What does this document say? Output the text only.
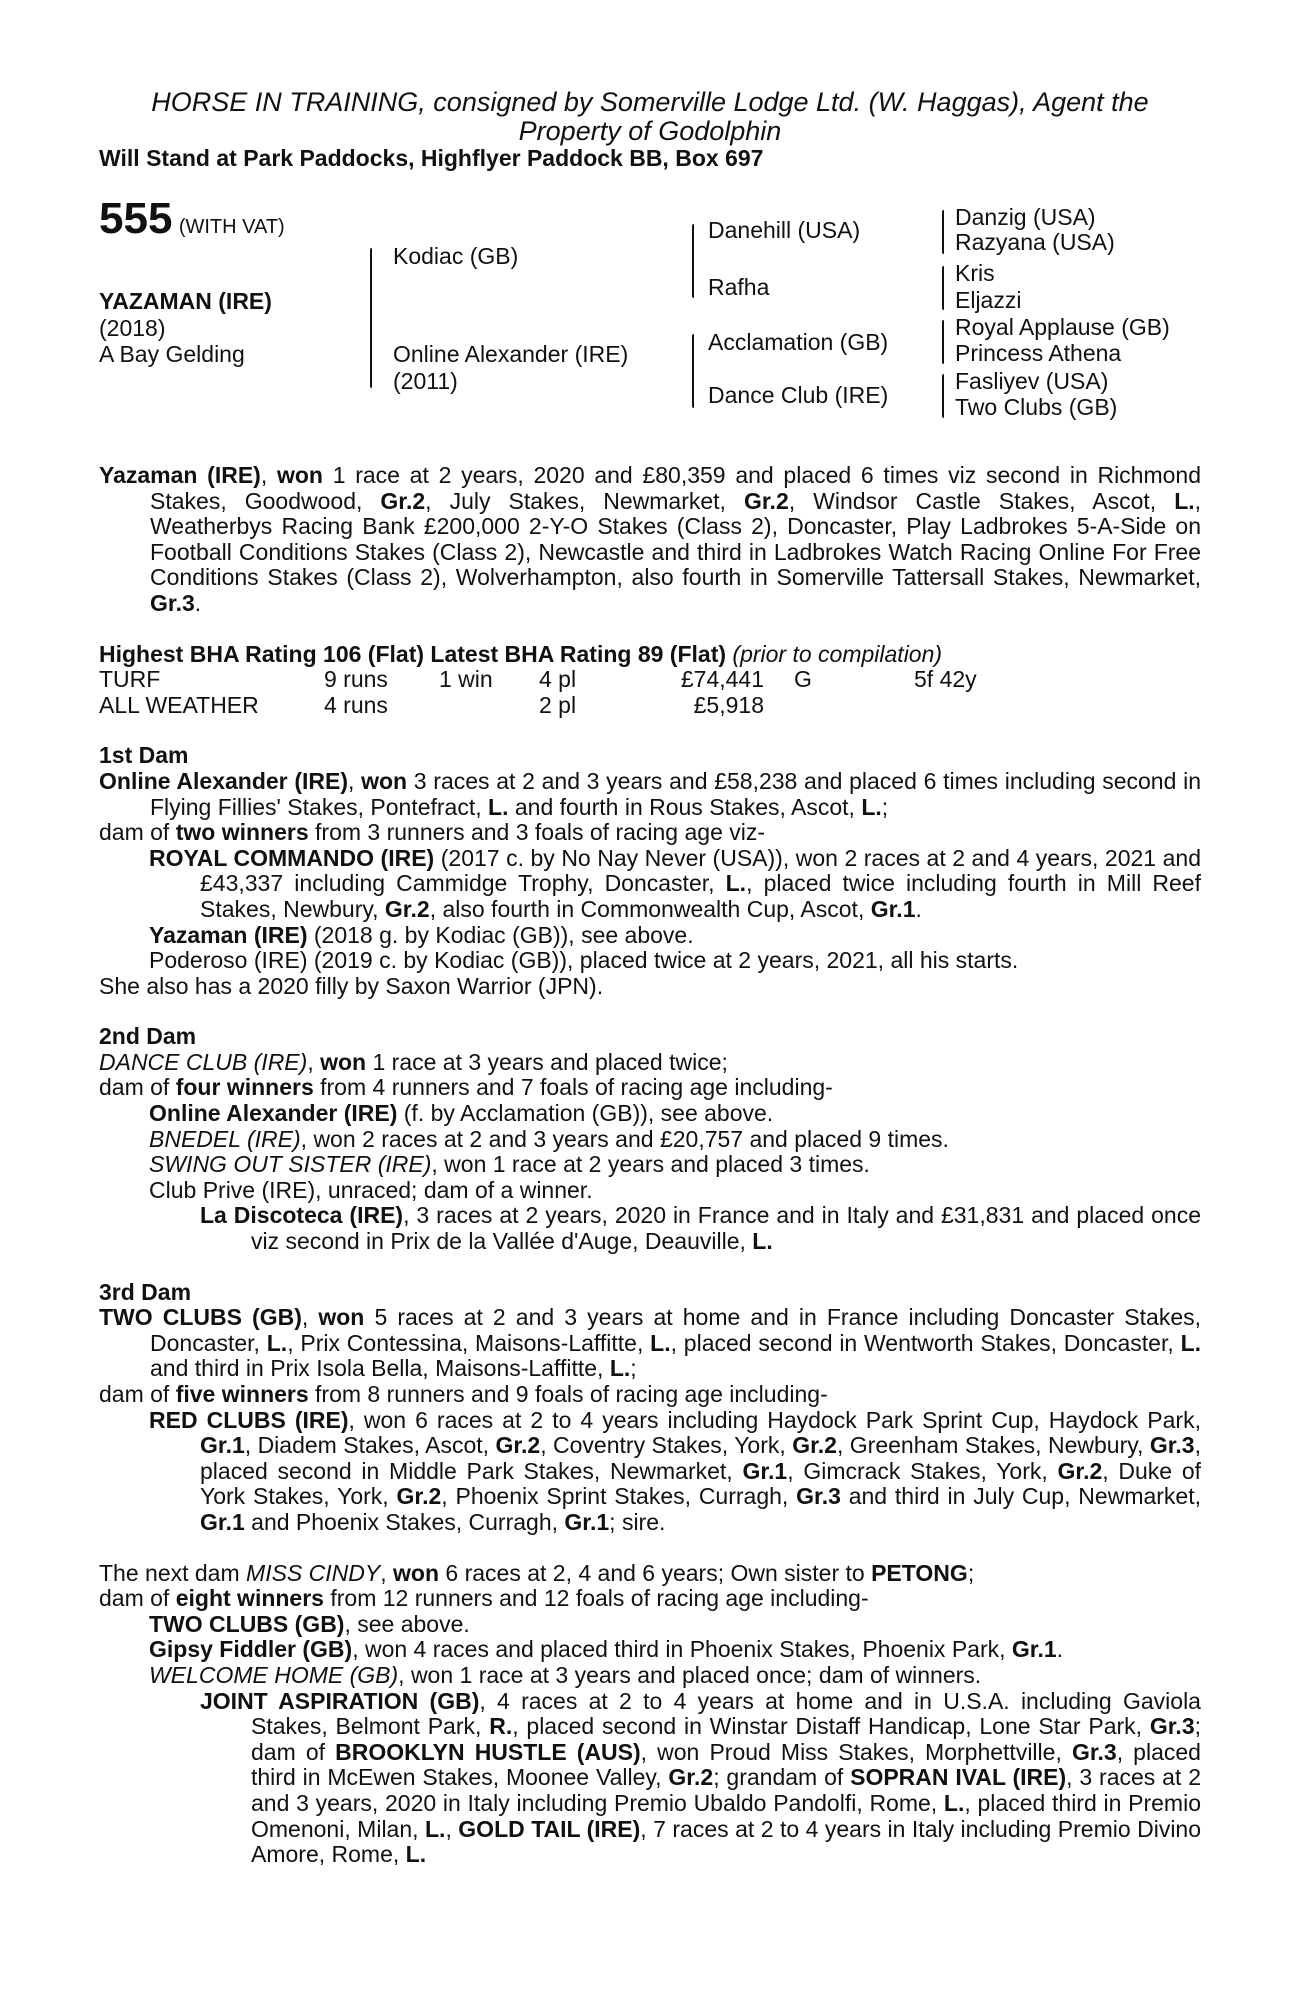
HORSE IN TRAINING, consigned by Somerville Lodge Ltd. (W. Haggas), Agent the Property of Godolphin
Will Stand at Park Paddocks, Highflyer Paddock BB, Box 697
555 (WITH VAT)
YAZAMAN (IRE)
(2018)
A Bay Gelding
Kodiac (GB)
Online Alexander (IRE)
(2011)
Danehill (USA)
Rafha
Acclamation (GB)
Dance Club (IRE)
Danzig (USA)
Razyana (USA)
Kris
Eljazzi
Royal Applause (GB)
Princess Athena
Fasliyev (USA)
Two Clubs (GB)

Yazaman (IRE), won 1 race at 2 years, 2020 and £80,359 and placed 6 times viz second in Richmond Stakes, Goodwood, Gr.2, July Stakes, Newmarket, Gr.2, Windsor Castle Stakes, Ascot, L., Weatherbys Racing Bank £200,000 2-Y-O Stakes (Class 2), Doncaster, Play Ladbrokes 5-A-Side on Football Conditions Stakes (Class 2), Newcastle and third in Ladbrokes Watch Racing Online For Free Conditions Stakes (Class 2), Wolverhampton, also fourth in Somerville Tattersall Stakes, Newmarket, Gr.3.

Highest BHA Rating 106 (Flat) Latest BHA Rating 89 (Flat) (prior to compilation)
TURF	9 runs	1 win	4 pl	£74,441	G	5f 42y
ALL WEATHER	4 runs		2 pl	£5,918		
1st Dam

Online Alexander (IRE), won 3 races at 2 and 3 years and £58,238 and placed 6 times including second in Flying Fillies' Stakes, Pontefract, L. and fourth in Rous Stakes, Ascot, L.;

dam of two winners from 3 runners and 3 foals of racing age viz-

ROYAL COMMANDO (IRE) (2017 c. by No Nay Never (USA)), won 2 races at 2 and 4 years, 2021 and £43,337 including Cammidge Trophy, Doncaster, L., placed twice including fourth in Mill Reef Stakes, Newbury, Gr.2, also fourth in Commonwealth Cup, Ascot, Gr.1.

Yazaman (IRE) (2018 g. by Kodiac (GB)), see above.

Poderoso (IRE) (2019 c. by Kodiac (GB)), placed twice at 2 years, 2021, all his starts.

She also has a 2020 filly by Saxon Warrior (JPN).

2nd Dam

DANCE CLUB (IRE), won 1 race at 3 years and placed twice;

dam of four winners from 4 runners and 7 foals of racing age including-

Online Alexander (IRE) (f. by Acclamation (GB)), see above.

BNEDEL (IRE), won 2 races at 2 and 3 years and £20,757 and placed 9 times.

SWING OUT SISTER (IRE), won 1 race at 2 years and placed 3 times.

Club Prive (IRE), unraced; dam of a winner.

La Discoteca (IRE), 3 races at 2 years, 2020 in France and in Italy and £31,831 and placed once viz second in Prix de la Vallée d'Auge, Deauville, L.

3rd Dam

TWO CLUBS (GB), won 5 races at 2 and 3 years at home and in France including Doncaster Stakes, Doncaster, L., Prix Contessina, Maisons-Laffitte, L., placed second in Wentworth Stakes, Doncaster, L. and third in Prix Isola Bella, Maisons-Laffitte, L.;

dam of five winners from 8 runners and 9 foals of racing age including-

RED CLUBS (IRE), won 6 races at 2 to 4 years including Haydock Park Sprint Cup, Haydock Park, Gr.1, Diadem Stakes, Ascot, Gr.2, Coventry Stakes, York, Gr.2, Greenham Stakes, Newbury, Gr.3, placed second in Middle Park Stakes, Newmarket, Gr.1, Gimcrack Stakes, York, Gr.2, Duke of York Stakes, York, Gr.2, Phoenix Sprint Stakes, Curragh, Gr.3 and third in July Cup, Newmarket, Gr.1 and Phoenix Stakes, Curragh, Gr.1; sire.

The next dam MISS CINDY, won 6 races at 2, 4 and 6 years; Own sister to PETONG;

dam of eight winners from 12 runners and 12 foals of racing age including-

TWO CLUBS (GB), see above.

Gipsy Fiddler (GB), won 4 races and placed third in Phoenix Stakes, Phoenix Park, Gr.1.

WELCOME HOME (GB), won 1 race at 3 years and placed once; dam of winners.

JOINT ASPIRATION (GB), 4 races at 2 to 4 years at home and in U.S.A. including Gaviola Stakes, Belmont Park, R., placed second in Winstar Distaff Handicap, Lone Star Park, Gr.3; dam of BROOKLYN HUSTLE (AUS), won Proud Miss Stakes, Morphettville, Gr.3, placed third in McEwen Stakes, Moonee Valley, Gr.2; grandam of SOPRAN IVAL (IRE), 3 races at 2 and 3 years, 2020 in Italy including Premio Ubaldo Pandolfi, Rome, L., placed third in Premio Omenoni, Milan, L., GOLD TAIL (IRE), 7 races at 2 to 4 years in Italy including Premio Divino Amore, Rome, L.
